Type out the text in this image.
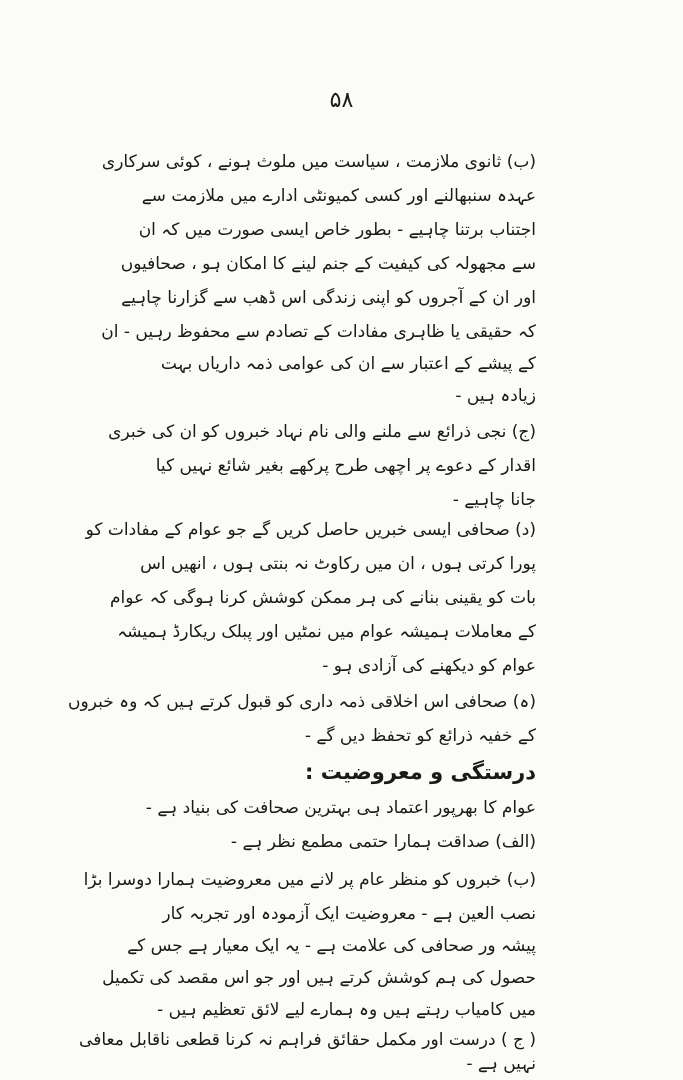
۵۸
(ب) ثانوی ملازمت ، سیاست میں ملوث ہونے ، کوئی سرکاری
عہدہ سنبھالنے اور کسی کمیونٹی ادارے میں ملازمت سے
اجتناب برتنا چاہیے - بطور خاص ایسی صورت میں کہ ان
سے مجھولہ کی کیفیت کے جنم لینے کا امکان ہو ، صحافیوں
اور ان کے آجروں کو اپنی زندگی اس ڈھب سے گزارنا چاہیے
کہ حقیقی یا ظاہری مفادات کے تصادم سے محفوظ رہیں - ان
کے پیشے کے اعتبار سے ان کی عوامی ذمہ داریاں بہت
زیادہ ہیں -
(ج) نجی ذرائع سے ملنے والی نام نہاد خبروں کو ان کی خبری
اقدار کے دعوے پر اچھی طرح پرکھے بغیر شائع نہیں کیا
جانا چاہیے -
(د) صحافی ایسی خبریں حاصل کریں گے جو عوام کے مفادات کو
پورا کرتی ہوں ، ان میں رکاوٹ نہ بنتی ہوں ، انھیں اس
بات کو یقینی بنانے کی ہر ممکن کوشش کرنا ہوگی کہ عوام
کے معاملات ہمیشہ عوام میں نمٹیں اور پبلک ریکارڈ ہمیشہ
عوام کو دیکھنے کی آزادی ہو -
(ہ) صحافی اس اخلاقی ذمہ داری کو قبول کرتے ہیں کہ وہ خبروں
کے خفیہ ذرائع کو تحفظ دیں گے -
درستگی و معروضیت :
عوام کا بھرپور اعتماد ہی بہترین صحافت کی بنیاد ہے -
(الف) صداقت ہمارا حتمی مطمع نظر ہے -
(ب) خبروں کو منظر عام پر لانے میں معروضیت ہمارا دوسرا بڑا
نصب العین ہے - معروضیت ایک آزمودہ اور تجربہ کار
پیشہ ور صحافی کی علامت ہے - یہ ایک معیار ہے جس کے
حصول کی ہم کوشش کرتے ہیں اور جو اس مقصد کی تکمیل
میں کامیاب رہتے ہیں وہ ہمارے لیے لائق تعظیم ہیں -
( ج ) درست اور مکمل حقائق فراہم نہ کرنا قطعی ناقابل معافی
نہیں ہے -
